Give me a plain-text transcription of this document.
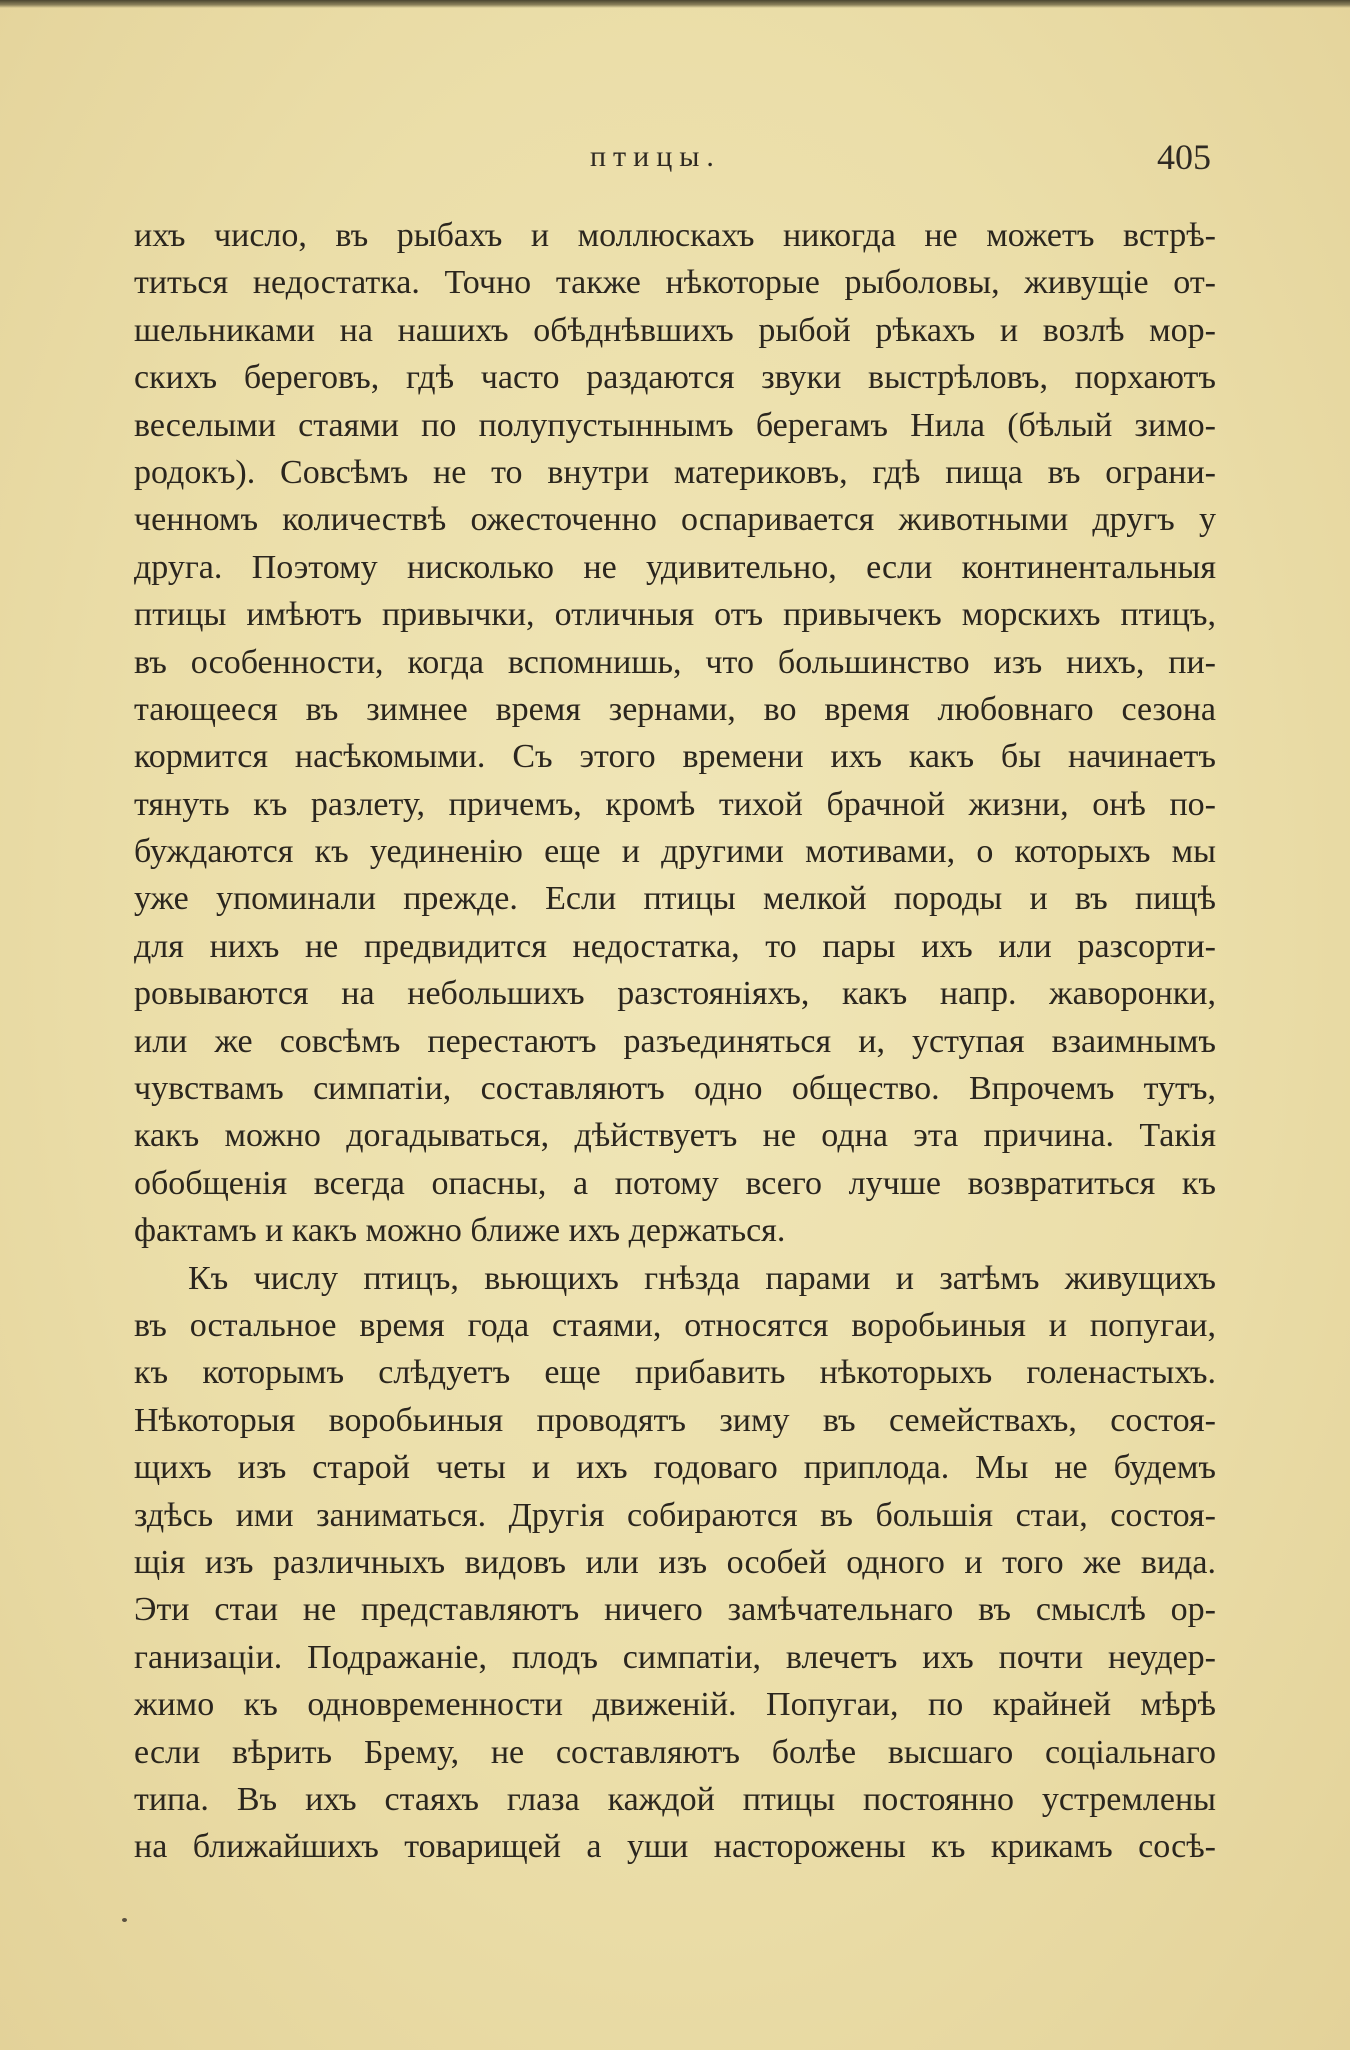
птицы.	405
ихъ число, въ рыбахъ и моллюскахъ никогда не можетъ встрѣ-
титься недостатка. Точно также нѣкоторые рыболовы, живущіе от-
шельниками на нашихъ обѣднѣвшихъ рыбой рѣкахъ и возлѣ мор-
скихъ береговъ, гдѣ часто раздаются звуки выстрѣловъ, порхаютъ
веселыми стаями по полупустыннымъ берегамъ Нила (бѣлый зимо-
родокъ). Совсѣмъ не то внутри материковъ, гдѣ пища въ ограни-
ченномъ количествѣ ожесточенно оспаривается животными другъ у
друга. Поэтому нисколько не удивительно, если континентальныя
птицы имѣютъ привычки, отличныя отъ привычекъ морскихъ птицъ,
въ особенности, когда вспомнишь, что большинство изъ нихъ, пи-
тающееся въ зимнее время зернами, во время любовнаго сезона
кормится насѣкомыми. Съ этого времени ихъ какъ бы начинаетъ
тянуть къ разлету, причемъ, кромѣ тихой брачной жизни, онѣ по-
буждаются къ уединенію еще и другими мотивами, о которыхъ мы
уже упоминали прежде. Если птицы мелкой породы и въ пищѣ
для нихъ не предвидится недостатка, то пары ихъ или разсорти-
ровываются на небольшихъ разстояніяхъ, какъ напр. жаворонки,
или же совсѣмъ перестаютъ разъединяться и, уступая взаимнымъ
чувствамъ симпатіи, составляютъ одно общество. Впрочемъ тутъ,
какъ можно догадываться, дѣйствуетъ не одна эта причина. Такія
обобщенія всегда опасны, а потому всего лучше возвратиться къ
фактамъ и какъ можно ближе ихъ держаться.
Къ числу птицъ, вьющихъ гнѣзда парами и затѣмъ живущихъ
въ остальное время года стаями, относятся воробьиныя и попугаи,
къ которымъ слѣдуетъ еще прибавить нѣкоторыхъ голенастыхъ.
Нѣкоторыя воробьиныя проводятъ зиму въ семействахъ, состоя-
щихъ изъ старой четы и ихъ годоваго приплода. Мы не будемъ
здѣсь ими заниматься. Другія собираются въ большія стаи, состоя-
щія изъ различныхъ видовъ или изъ особей одного и того же вида.
Эти стаи не представляютъ ничего замѣчательнаго въ смыслѣ ор-
ганизаціи. Подражаніе, плодъ симпатіи, влечетъ ихъ почти неудер-
жимо къ одновременности движеній. Попугаи, по крайней мѣрѣ
если вѣрить Брему, не составляютъ болѣе высшаго соціальнаго
типа. Въ ихъ стаяхъ глаза каждой птицы постоянно устремлены
на ближайшихъ товарищей а уши насторожены къ крикамъ сосѣ-
